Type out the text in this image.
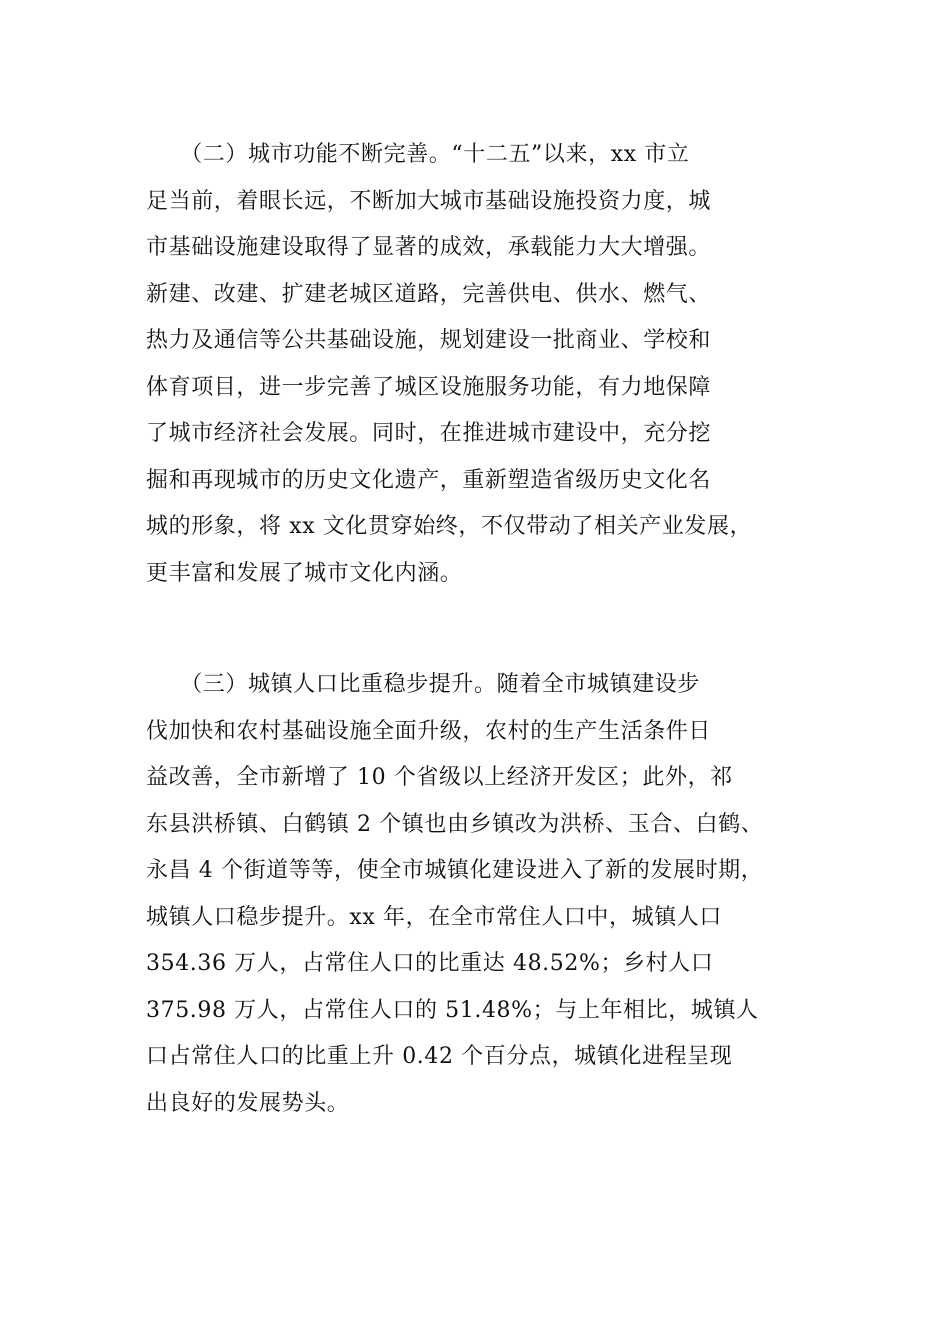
　　（二）城市功能不断完善。“十二五”以来，xx 市立
足当前，着眼长远，不断加大城市基础设施投资力度，城
市基础设施建设取得了显著的成效，承载能力大大增强。
新建、改建、扩建老城区道路，完善供电、供水、燃气、
热力及通信等公共基础设施，规划建设一批商业、学校和
体育项目，进一步完善了城区设施服务功能，有力地保障
了城市经济社会发展。同时，在推进城市建设中，充分挖
掘和再现城市的历史文化遗产，重新塑造省级历史文化名
城的形象，将 xx 文化贯穿始终，不仅带动了相关产业发展，
更丰富和发展了城市文化内涵。
　　（三）城镇人口比重稳步提升。随着全市城镇建设步
伐加快和农村基础设施全面升级，农村的生产生活条件日
益改善，全市新增了 10 个省级以上经济开发区；此外，祁
东县洪桥镇、白鹤镇 2 个镇也由乡镇改为洪桥、玉合、白鹤、
永昌 4 个街道等等，使全市城镇化建设进入了新的发展时期，
城镇人口稳步提升。xx 年，在全市常住人口中，城镇人口
354.36 万人，占常住人口的比重达 48.52%；乡村人口
375.98 万人，占常住人口的 51.48%；与上年相比，城镇人
口占常住人口的比重上升 0.42 个百分点，城镇化进程呈现
出良好的发展势头。
